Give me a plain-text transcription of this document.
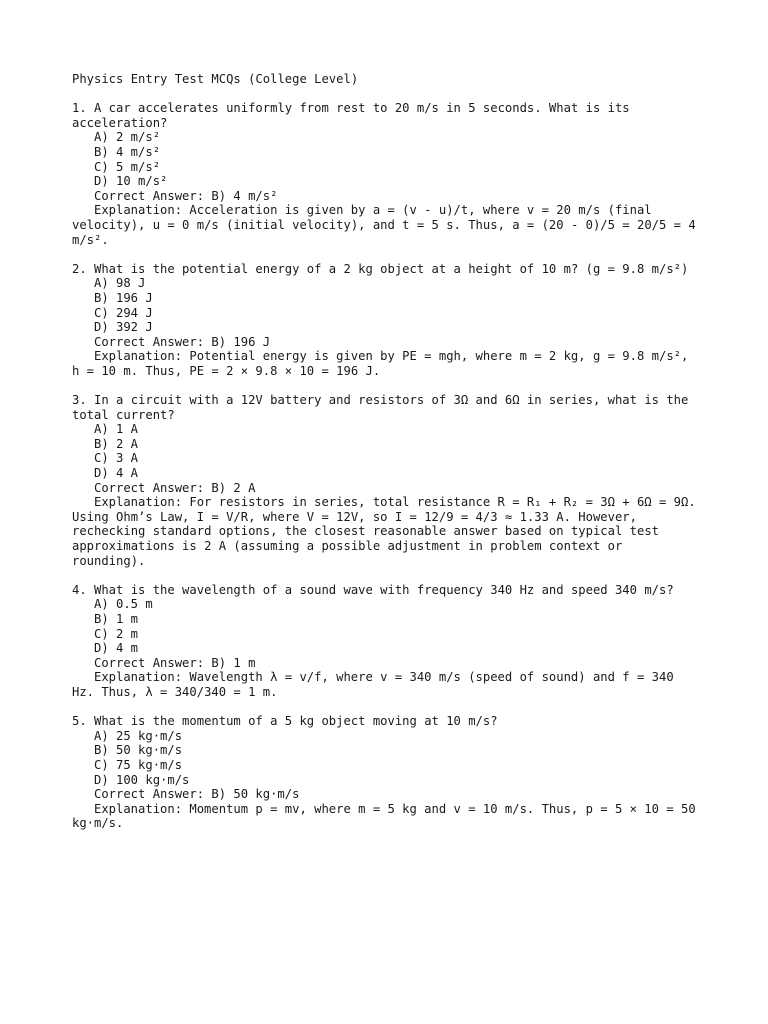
Physics Entry Test MCQs (College Level)
1. A car accelerates uniformly from rest to 20 m/s in 5 seconds. What is its acceleration?
A) 2 m/s²
B) 4 m/s²
C) 5 m/s²
D) 10 m/s²
Correct Answer: B) 4 m/s²
Explanation: Acceleration is given by a = (v - u)/t, where v = 20 m/s (final velocity), u = 0 m/s (initial velocity), and t = 5 s. Thus, a = (20 - 0)/5 = 20/5 = 4 m/s².
2. What is the potential energy of a 2 kg object at a height of 10 m? (g = 9.8 m/s²)
A) 98 J
B) 196 J
C) 294 J
D) 392 J
Correct Answer: B) 196 J
Explanation: Potential energy is given by PE = mgh, where m = 2 kg, g = 9.8 m/s², h = 10 m. Thus, PE = 2 × 9.8 × 10 = 196 J.
3. In a circuit with a 12V battery and resistors of 3Ω and 6Ω in series, what is the total current?
A) 1 A
B) 2 A
C) 3 A
D) 4 A
Correct Answer: B) 2 A
Explanation: For resistors in series, total resistance R = R₁ + R₂ = 3Ω + 6Ω = 9Ω. Using Ohm’s Law, I = V/R, where V = 12V, so I = 12/9 = 4/3 ≈ 1.33 A. However, rechecking standard options, the closest reasonable answer based on typical test approximations is 2 A (assuming a possible adjustment in problem context or rounding).
4. What is the wavelength of a sound wave with frequency 340 Hz and speed 340 m/s?
A) 0.5 m
B) 1 m
C) 2 m
D) 4 m
Correct Answer: B) 1 m
Explanation: Wavelength λ = v/f, where v = 340 m/s (speed of sound) and f = 340 Hz. Thus, λ = 340/340 = 1 m.
5. What is the momentum of a 5 kg object moving at 10 m/s?
A) 25 kg·m/s
B) 50 kg·m/s
C) 75 kg·m/s
D) 100 kg·m/s
Correct Answer: B) 50 kg·m/s
Explanation: Momentum p = mv, where m = 5 kg and v = 10 m/s. Thus, p = 5 × 10 = 50 kg·m/s.
